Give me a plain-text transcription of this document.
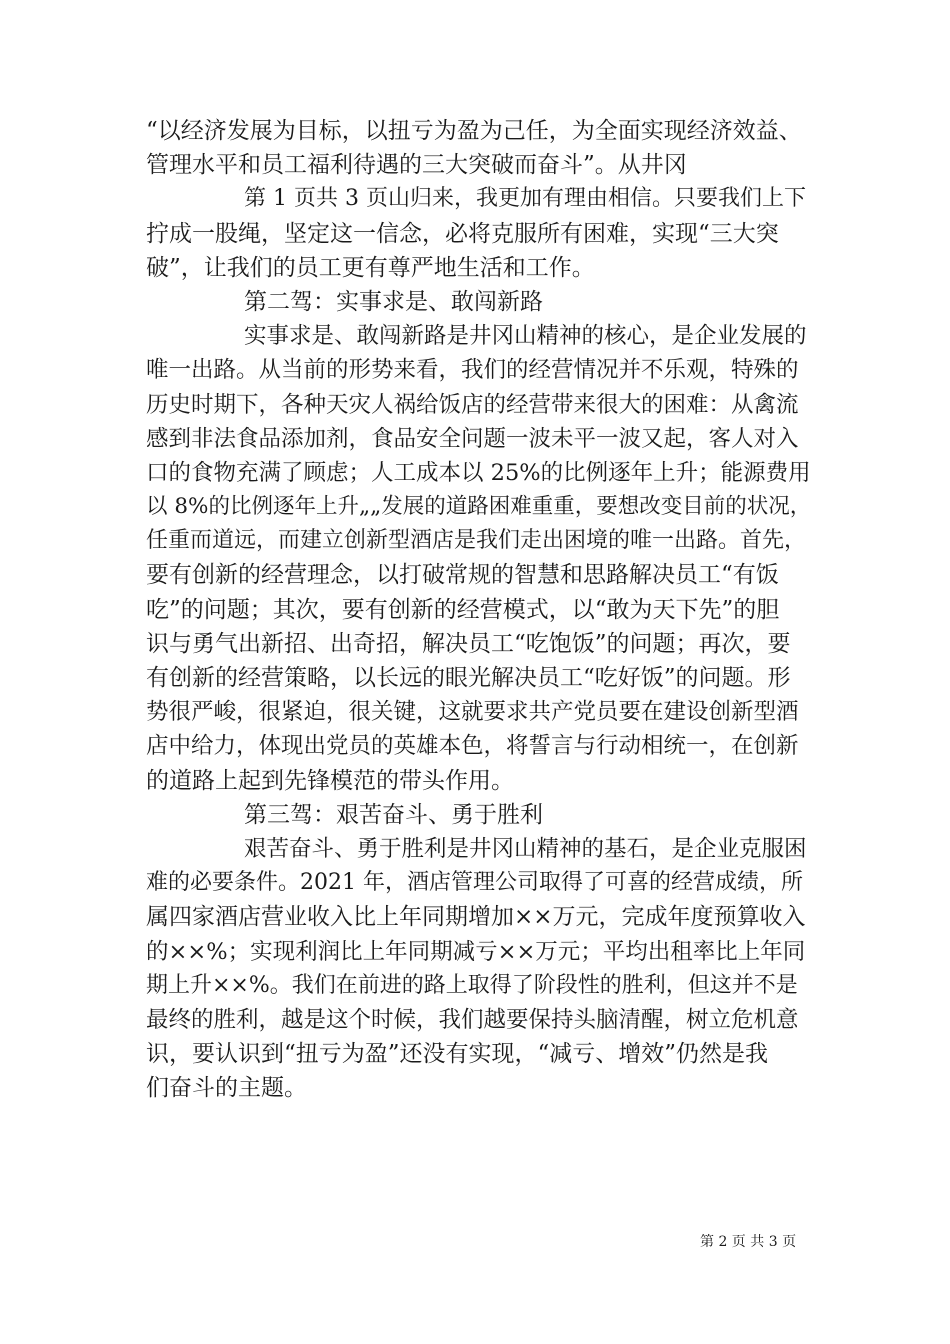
“以经济发展为目标，以扭亏为盈为己任，为全面实现经济效益、

管理水平和员工福利待遇的三大突破而奋斗”。从井冈

第 1 页共 3 页山归来，我更加有理由相信。只要我们上下

拧成一股绳，坚定这一信念，必将克服所有困难，实现“三大突

破”，让我们的员工更有尊严地生活和工作。

第二驾：实事求是、敢闯新路

实事求是、敢闯新路是井冈山精神的核心，是企业发展的

唯一出路。从当前的形势来看，我们的经营情况并不乐观，特殊的

历史时期下，各种天灾人祸给饭店的经营带来很大的困难：从禽流

感到非法食品添加剂，食品安全问题一波未平一波又起，客人对入

口的食物充满了顾虑；人工成本以 25%的比例逐年上升；能源费用

以 8%的比例逐年上升„„发展的道路困难重重，要想改变目前的状况，

任重而道远，而建立创新型酒店是我们走出困境的唯一出路。首先，

要有创新的经营理念，以打破常规的智慧和思路解决员工“有饭

吃”的问题；其次，要有创新的经营模式，以“敢为天下先”的胆

识与勇气出新招、出奇招，解决员工“吃饱饭”的问题；再次，要

有创新的经营策略，以长远的眼光解决员工“吃好饭”的问题。形

势很严峻，很紧迫，很关键，这就要求共产党员要在建设创新型酒

店中给力，体现出党员的英雄本色，将誓言与行动相统一，在创新

的道路上起到先锋模范的带头作用。

第三驾：艰苦奋斗、勇于胜利

艰苦奋斗、勇于胜利是井冈山精神的基石，是企业克服困

难的必要条件。2021 年，酒店管理公司取得了可喜的经营成绩，所

属四家酒店营业收入比上年同期增加××万元，完成年度预算收入

的××%；实现利润比上年同期减亏××万元；平均出租率比上年同

期上升××%。我们在前进的路上取得了阶段性的胜利，但这并不是

最终的胜利，越是这个时候，我们越要保持头脑清醒，树立危机意

识，要认识到“扭亏为盈”还没有实现，“减亏、增效”仍然是我

们奋斗的主题。

第 2 页 共 3 页
